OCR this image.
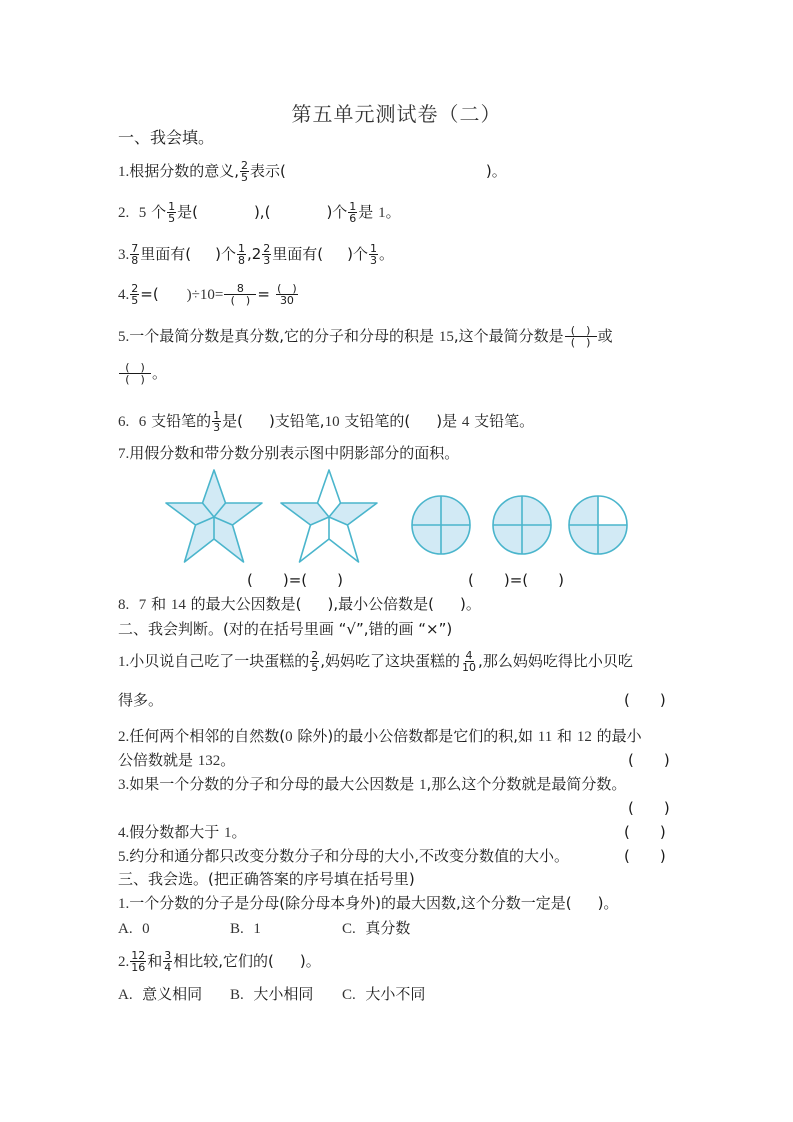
第五单元测试卷（二）
一、我会填。
1.根据分数的意义, $\frac{2}{5}$ 表示(	)。
2. 5 个 $\frac{1}{5}$ 是(	),(	)个 $\frac{1}{6}$ 是 1。
3. $\frac{7}{8}$ 里面有( )个 $\frac{1}{8} ,2 \frac{2}{3}$ 里面有( )个 $\frac{1}{3}$ 。
4. $\frac{2}{5}$ =( )$\div 10= \frac{8}{( )} = \frac{( )}{30}$
5.一个最简分数是真分数,它的分子和分母的积是 15,这个最简分数是 $\frac{( )}{( )}$ 或
$\frac{( )}{( )}$ 。
6. 6 支铅笔的 $\frac{1}{3}$ 是( )支铅笔,10 支铅笔的( )是 4 支铅笔。
7.用假分数和带分数分别表示图中阴影部分的面积。
(　　)=(　　)	(　　)=(　　)
8. 7 和 14 的最大公因数是( ),最小公倍数是( )。
二、我会判断。(对的在括号里画 “√”,错的画 “×”)
1.小贝说自己吃了一块蛋糕的 $\frac{2}{5}$ ,妈妈吃了这块蛋糕的 $\frac{4}{10}$ ,那么妈妈吃得比小贝吃
得多。	(　　)
2.任何两个相邻的自然数(0 除外)的最小公倍数都是它们的积,如 11 和 12 的最小
公倍数就是 132。	(　　)
3.如果一个分数的分子和分母的最大公因数是 1,那么这个分数就是最简分数。
(　　)
4.假分数都大于 1。	(　　)
5.约分和通分都只改变分数分子和分母的大小,不改变分数值的大小。	(　　)
三、我会选。(把正确答案的序号填在括号里)
1.一个分数的分子是分母(除分母本身外)的最大因数,这个分数一定是( )。
A. 0	B. 1	C. 真分数
2. $\frac{12}{16}$ 和 $\frac{3}{4}$ 相比较,它们的( )。
A. 意义相同 B. 大小相同 C. 大小不同
